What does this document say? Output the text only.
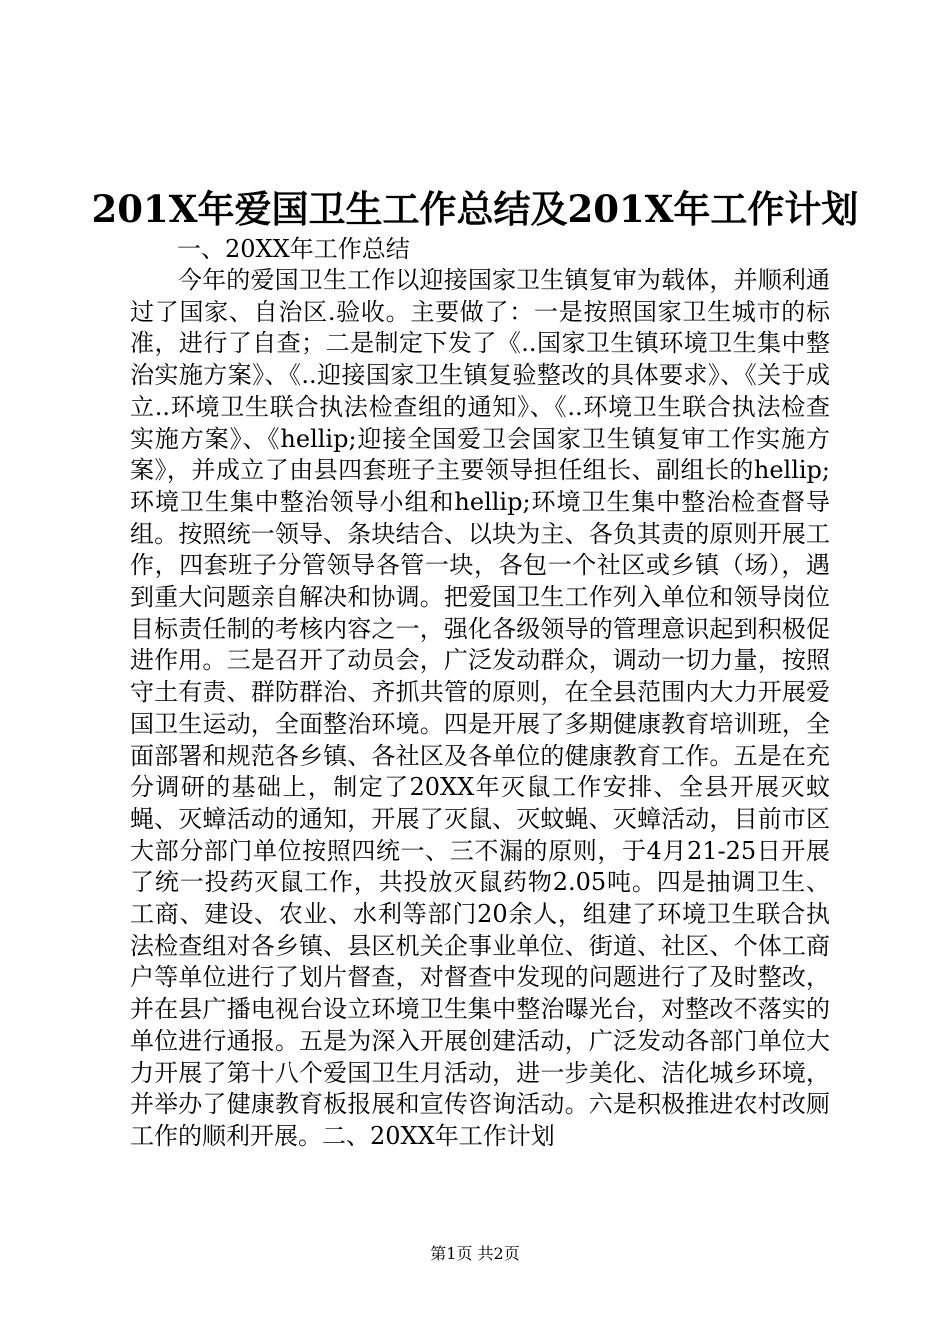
201X年爱国卫生工作总结及201X年工作计划
一、20XX年工作总结

今年的爱国卫生工作以迎接国家卫生镇复审为载体，并顺利通过了国家、自治区.验收。主要做了：一是按照国家卫生城市的标准，进行了自查；二是制定下发了《..国家卫生镇环境卫生集中整治实施方案》、《..迎接国家卫生镇复验整改的具体要求》、《关于成立..环境卫生联合执法检查组的通知》、《..环境卫生联合执法检查实施方案》、《hellip;迎接全国爱卫会国家卫生镇复审工作实施方案》，并成立了由县四套班子主要领导担任组长、副组长的hellip;环境卫生集中整治领导小组和hellip;环境卫生集中整治检查督导组。按照统一领导、条块结合、以块为主、各负其责的原则开展工作，四套班子分管领导各管一块，各包一个社区或乡镇（场），遇到重大问题亲自解决和协调。把爱国卫生工作列入单位和领导岗位目标责任制的考核内容之一，强化各级领导的管理意识起到积极促进作用。三是召开了动员会，广泛发动群众，调动一切力量，按照守土有责、群防群治、齐抓共管的原则，在全县范围内大力开展爱国卫生运动，全面整治环境。四是开展了多期健康教育培训班，全面部署和规范各乡镇、各社区及各单位的健康教育工作。五是在充分调研的基础上，制定了20XX年灭鼠工作安排、全县开展灭蚊蝇、灭蟑活动的通知，开展了灭鼠、灭蚊蝇、灭蟑活动，目前市区大部分部门单位按照四统一、三不漏的原则，于4月21-25日开展了统一投药灭鼠工作，共投放灭鼠药物2.05吨。四是抽调卫生、工商、建设、农业、水利等部门20余人，组建了环境卫生联合执法检查组对各乡镇、县区机关企事业单位、街道、社区、个体工商户等单位进行了划片督查，对督查中发现的问题进行了及时整改，并在县广播电视台设立环境卫生集中整治曝光台，对整改不落实的单位进行通报。五是为深入开展创建活动，广泛发动各部门单位大力开展了第十八个爱国卫生月活动，进一步美化、洁化城乡环境，并举办了健康教育板报展和宣传咨询活动。六是积极推进农村改厕工作的顺利开展。二、20XX年工作计划

第1页 共2页
